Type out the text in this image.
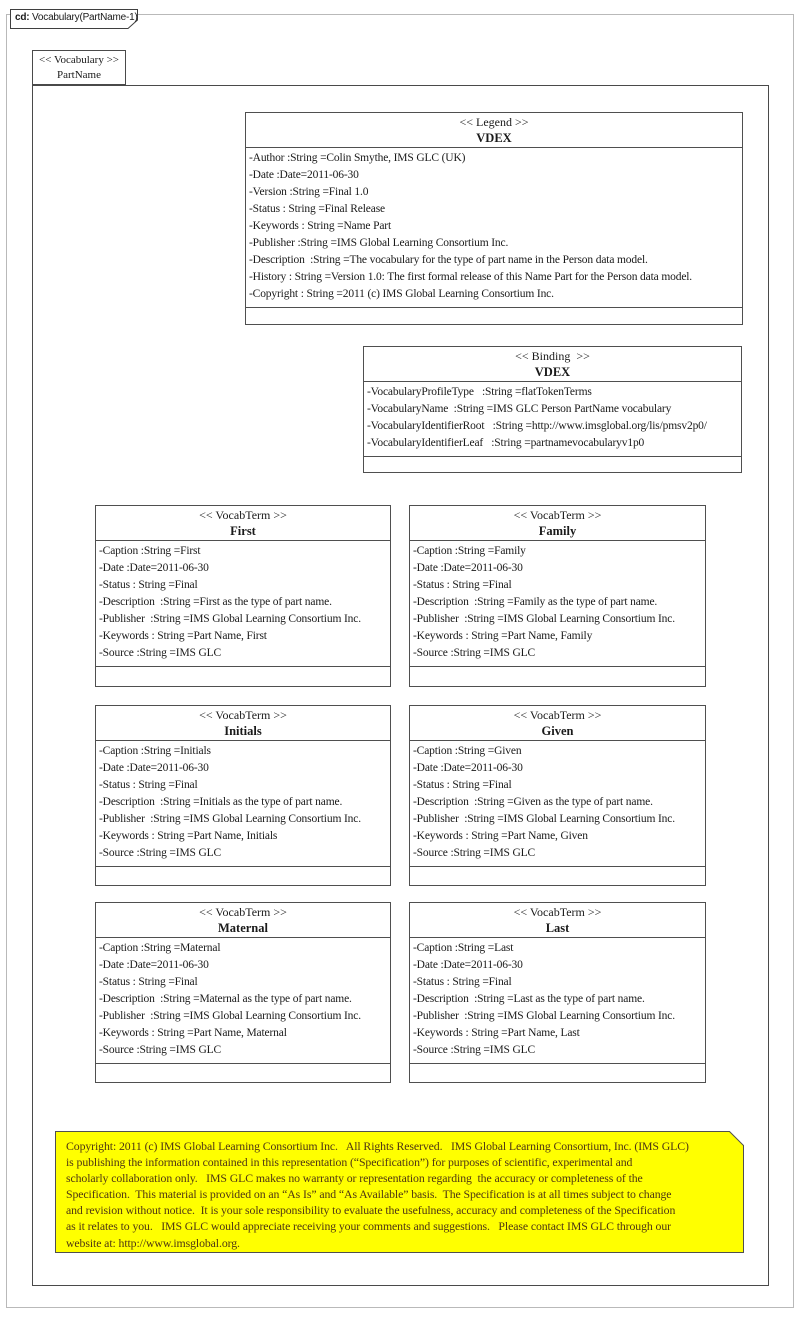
cd: Vocabulary(PartName-1)
<< Vocabulary >>
PartName
<< Legend >>
VDEX
-Author :String =Colin Smythe, IMS GLC (UK)
-Date :Date=2011-06-30
-Version :String =Final 1.0
-Status : String =Final Release
-Keywords : String =Name Part
-Publisher :String =IMS Global Learning Consortium Inc.
-Description  :String =The vocabulary for the type of part name in the Person data model.
-History : String =Version 1.0: The first formal release of this Name Part for the Person data model.
-Copyright : String =2011 (c) IMS Global Learning Consortium Inc.
<< Binding  >>
VDEX
-VocabularyProfileType   :String =flatTokenTerms
-VocabularyName  :String =IMS GLC Person PartName vocabulary
-VocabularyIdentifierRoot   :String =http://www.imsglobal.org/lis/pmsv2p0/
-VocabularyIdentifierLeaf   :String =partnamevocabularyv1p0
<< VocabTerm >>
First
-Caption :String =First
-Date :Date=2011-06-30
-Status : String =Final
-Description  :String =First as the type of part name.
-Publisher  :String =IMS Global Learning Consortium Inc.
-Keywords : String =Part Name, First
-Source :String =IMS GLC
<< VocabTerm >>
Family
-Caption :String =Family
-Date :Date=2011-06-30
-Status : String =Final
-Description  :String =Family as the type of part name.
-Publisher  :String =IMS Global Learning Consortium Inc.
-Keywords : String =Part Name, Family
-Source :String =IMS GLC
<< VocabTerm >>
Initials
-Caption :String =Initials
-Date :Date=2011-06-30
-Status : String =Final
-Description  :String =Initials as the type of part name.
-Publisher  :String =IMS Global Learning Consortium Inc.
-Keywords : String =Part Name, Initials
-Source :String =IMS GLC
<< VocabTerm >>
Given
-Caption :String =Given
-Date :Date=2011-06-30
-Status : String =Final
-Description  :String =Given as the type of part name.
-Publisher  :String =IMS Global Learning Consortium Inc.
-Keywords : String =Part Name, Given
-Source :String =IMS GLC
<< VocabTerm >>
Maternal
-Caption :String =Maternal
-Date :Date=2011-06-30
-Status : String =Final
-Description  :String =Maternal as the type of part name.
-Publisher  :String =IMS Global Learning Consortium Inc.
-Keywords : String =Part Name, Maternal
-Source :String =IMS GLC
<< VocabTerm >>
Last
-Caption :String =Last
-Date :Date=2011-06-30
-Status : String =Final
-Description  :String =Last as the type of part name.
-Publisher  :String =IMS Global Learning Consortium Inc.
-Keywords : String =Part Name, Last
-Source :String =IMS GLC
Copyright: 2011 (c) IMS Global Learning Consortium Inc.   All Rights Reserved.   IMS Global Learning Consortium, Inc. (IMS GLC)
is publishing the information contained in this representation (“Specification”) for purposes of scientific, experimental and
scholarly collaboration only.   IMS GLC makes no warranty or representation regarding  the accuracy or completeness of the
Specification.  This material is provided on an “As Is” and “As Available” basis.  The Specification is at all times subject to change
and revision without notice.  It is your sole responsibility to evaluate the usefulness, accuracy and completeness of the Specification
as it relates to you.   IMS GLC would appreciate receiving your comments and suggestions.   Please contact IMS GLC through our
website at: http://www.imsglobal.org.
